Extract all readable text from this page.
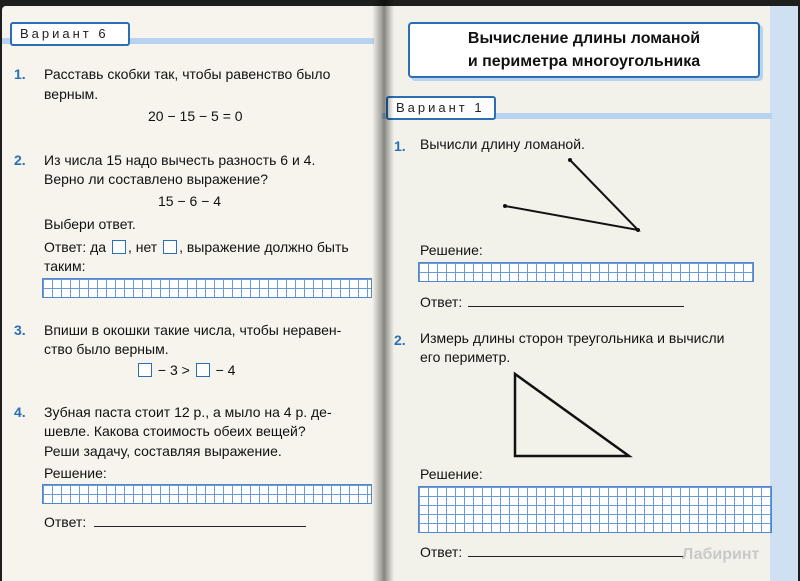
Вариант 6
1. Расставь скобки так, чтобы равенство было
верным.
20 − 15 − 5 = 0
2. Из числа 15 надо вычесть разность 6 и 4.
Верно ли составлено выражение?
15 − 6 − 4
Выбери ответ.
Ответ: да , нет , выражение должно быть
таким:
3. Впиши в окошки такие числа, чтобы неравен-
ство было верным.
− 3 > − 4
4. Зубная паста стоит 12 р., а мыло на 4 р. де-
шевле. Какова стоимость обеих вещей?
Реши задачу, составляя выражение.
Решение:
Ответ:
Вычисление длины ломаной
и периметра многоугольника
Вариант 1
1. Вычисли длину ломаной.
Решение:
Ответ:
2. Измерь длины сторон треугольника и вычисли
его периметр.
Решение:
Ответ:	Лабиринт
